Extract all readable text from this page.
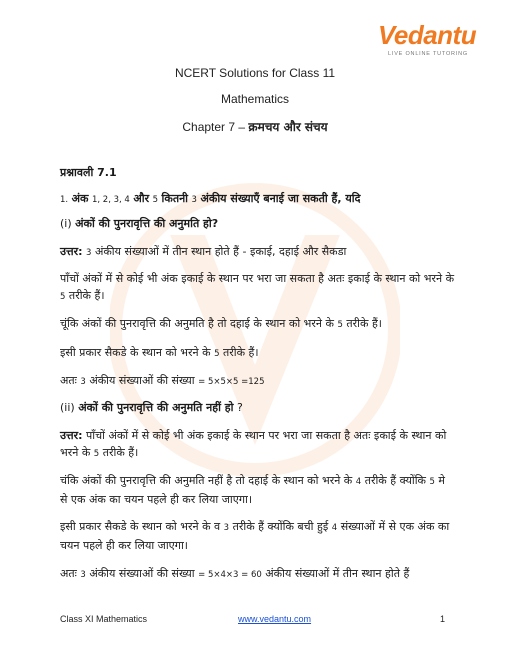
Vedantu
LIVE ONLINE TUTORING
NCERT Solutions for Class 11
Mathematics
Chapter 7 – क्रमचय और संचय
प्रश्नावली 7.1
1. अंक 1, 2, 3, 4 और 5 कितनी 3 अंकीय संख्याएँ बनाई जा सकती हैं, यदि
(i) अंकों की पुनरावृत्ति की अनुमति हो?
उत्तर: 3 अंकीय संख्याओं में तीन स्थान होते हैं - इकाई, दहाई और सैकडा
पाँचों अंकों में से कोई भी अंक इकाई के स्थान पर भरा जा सकता है अतः इकाई के स्थान को भरने के 5 तरीके हैं।
चूंकि अंकों की पुनरावृत्ति की अनुमति है तो दहाई के स्थान को भरने के 5 तरीके हैं।
इसी प्रकार सैकडे के स्थान को भरने के 5 तरीके हैं।
अतः 3 अंकीय संख्याओं की संख्या = 5×5×5 =125
(ii) अंकों की पुनरावृत्ति की अनुमति नहीं हो ?
उत्तर: पाँचों अंकों में से कोई भी अंक इकाई के स्थान पर भरा जा सकता है अतः इकाई के स्थान को भरने के 5 तरीके हैं।
चंकि अंकों की पुनरावृत्ति की अनुमति नहीं है तो दहाई के स्थान को भरने के 4 तरीके हैं क्योंकि 5 मे से एक अंक का चयन पहले ही कर लिया जाएगा।
इसी प्रकार सैकडे के स्थान को भरने के व 3 तरीके हैं क्योंकि बची हुई 4 संख्याओं में से एक अंक का चयन पहले ही कर लिया जाएगा।
अतः 3 अंकीय संख्याओं की संख्या = 5×4×3 = 60 अंकीय संख्याओं में तीन स्थान होते हैं
Class XI Mathematics	www.vedantu.com	1
